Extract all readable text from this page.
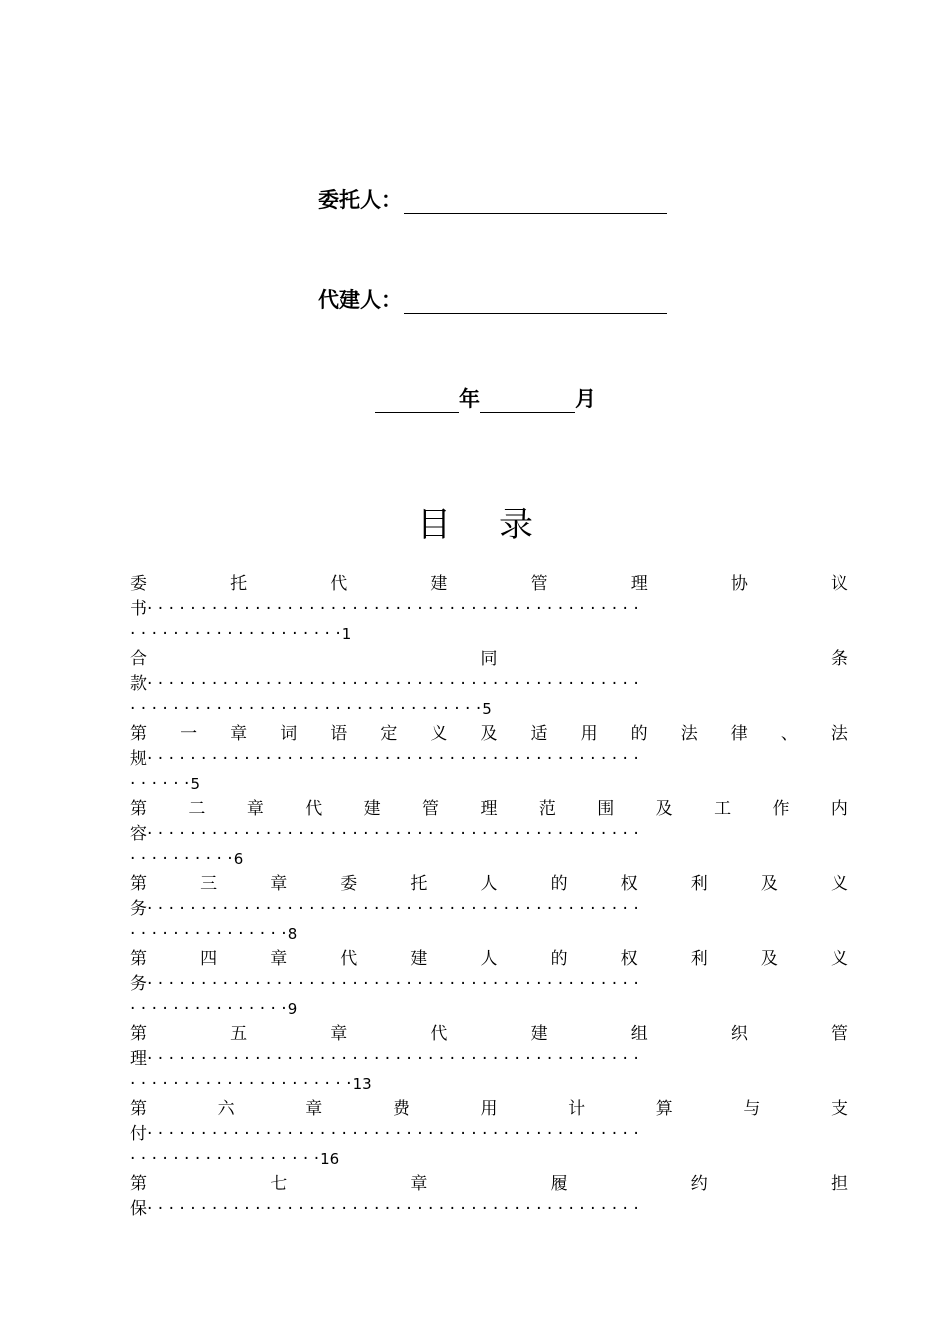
委托人：
代建人：
年	月
目录
委	托	代	建	管	理	协	议
书 · · · · · · · · · · · · · · · · · · · · · · · · · · · · · · · · · · · · · · · · · · · · · ·
· · · · · · · · · · · · · · · · · · · · 1
合	同	条
款 · · · · · · · · · · · · · · · · · · · · · · · · · · · · · · · · · · · · · · · · · · · · · ·
· · · · · · · · · · · · · · · · · · · · · · · · · · · · · · · · · 5
第 一 章 词 语 定 义 及 适 用 的 法 律 、 法
规 · · · · · · · · · · · · · · · · · · · · · · · · · · · · · · · · · · · · · · · · · · · · · ·
· · · · · · 5
第 二 章 代 建 管 理 范 围 及 工 作 内
容 · · · · · · · · · · · · · · · · · · · · · · · · · · · · · · · · · · · · · · · · · · · · · ·
· · · · · · · · · · 6
第	三	章	委	托	人	的	权	利	及	义
务 · · · · · · · · · · · · · · · · · · · · · · · · · · · · · · · · · · · · · · · · · · · · · ·
· · · · · · · · · · · · · · · 8
第	四	章	代	建	人	的	权	利	及	义
务 · · · · · · · · · · · · · · · · · · · · · · · · · · · · · · · · · · · · · · · · · · · · · ·
· · · · · · · · · · · · · · · 9
第	五	章	代	建	组	织	管
理 · · · · · · · · · · · · · · · · · · · · · · · · · · · · · · · · · · · · · · · · · · · · · ·
· · · · · · · · · · · · · · · · · · · · · 13
第	六	章	费	用	计	算	与	支
付 · · · · · · · · · · · · · · · · · · · · · · · · · · · · · · · · · · · · · · · · · · · · · ·
· · · · · · · · · · · · · · · · · · 16
第	七	章	履	约	担
保 · · · · · · · · · · · · · · · · · · · · · · · · · · · · · · · · · · · · · · · · · · · · · ·
